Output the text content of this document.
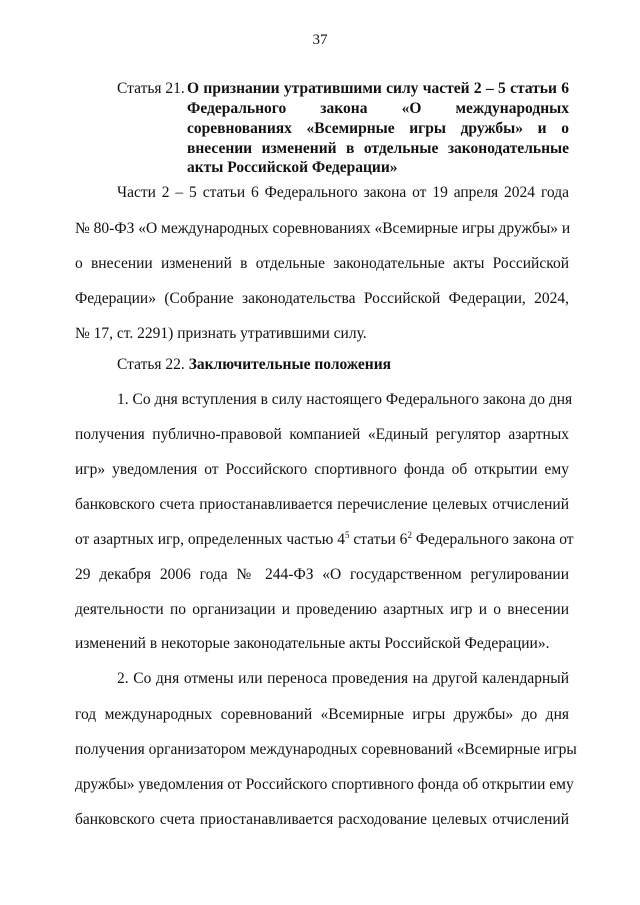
37
Статья 21. О признании утратившими силу частей 2 – 5 статьи 6
Федерального закона «О международных
соревнованиях «Всемирные игры дружбы» и о
внесении изменений в отдельные законодательные
акты Российской Федерации»
Части 2 – 5 статьи 6 Федерального закона от 19 апреля 2024 года
№ 80-ФЗ «О международных соревнованиях «Всемирные игры дружбы» и
о внесении изменений в отдельные законодательные акты Российской
Федерации» (Собрание законодательства Российской Федерации, 2024,
№ 17, ст. 2291) признать утратившими силу.
Статья 22. Заключительные положения
1. Со дня вступления в силу настоящего Федерального закона до дня
получения публично-правовой компанией «Единый регулятор азартных
игр» уведомления от Российского спортивного фонда об открытии ему
банковского счета приостанавливается перечисление целевых отчислений
от азартных игр, определенных частью $4^5$ статьи $6^2$ Федерального закона от
29 декабря 2006 года № 244-ФЗ «О государственном регулировании
деятельности по организации и проведению азартных игр и о внесении
изменений в некоторые законодательные акты Российской Федерации».
2. Со дня отмены или переноса проведения на другой календарный
год международных соревнований «Всемирные игры дружбы» до дня
получения организатором международных соревнований «Всемирные игры
дружбы» уведомления от Российского спортивного фонда об открытии ему
банковского счета приостанавливается расходование целевых отчислений
